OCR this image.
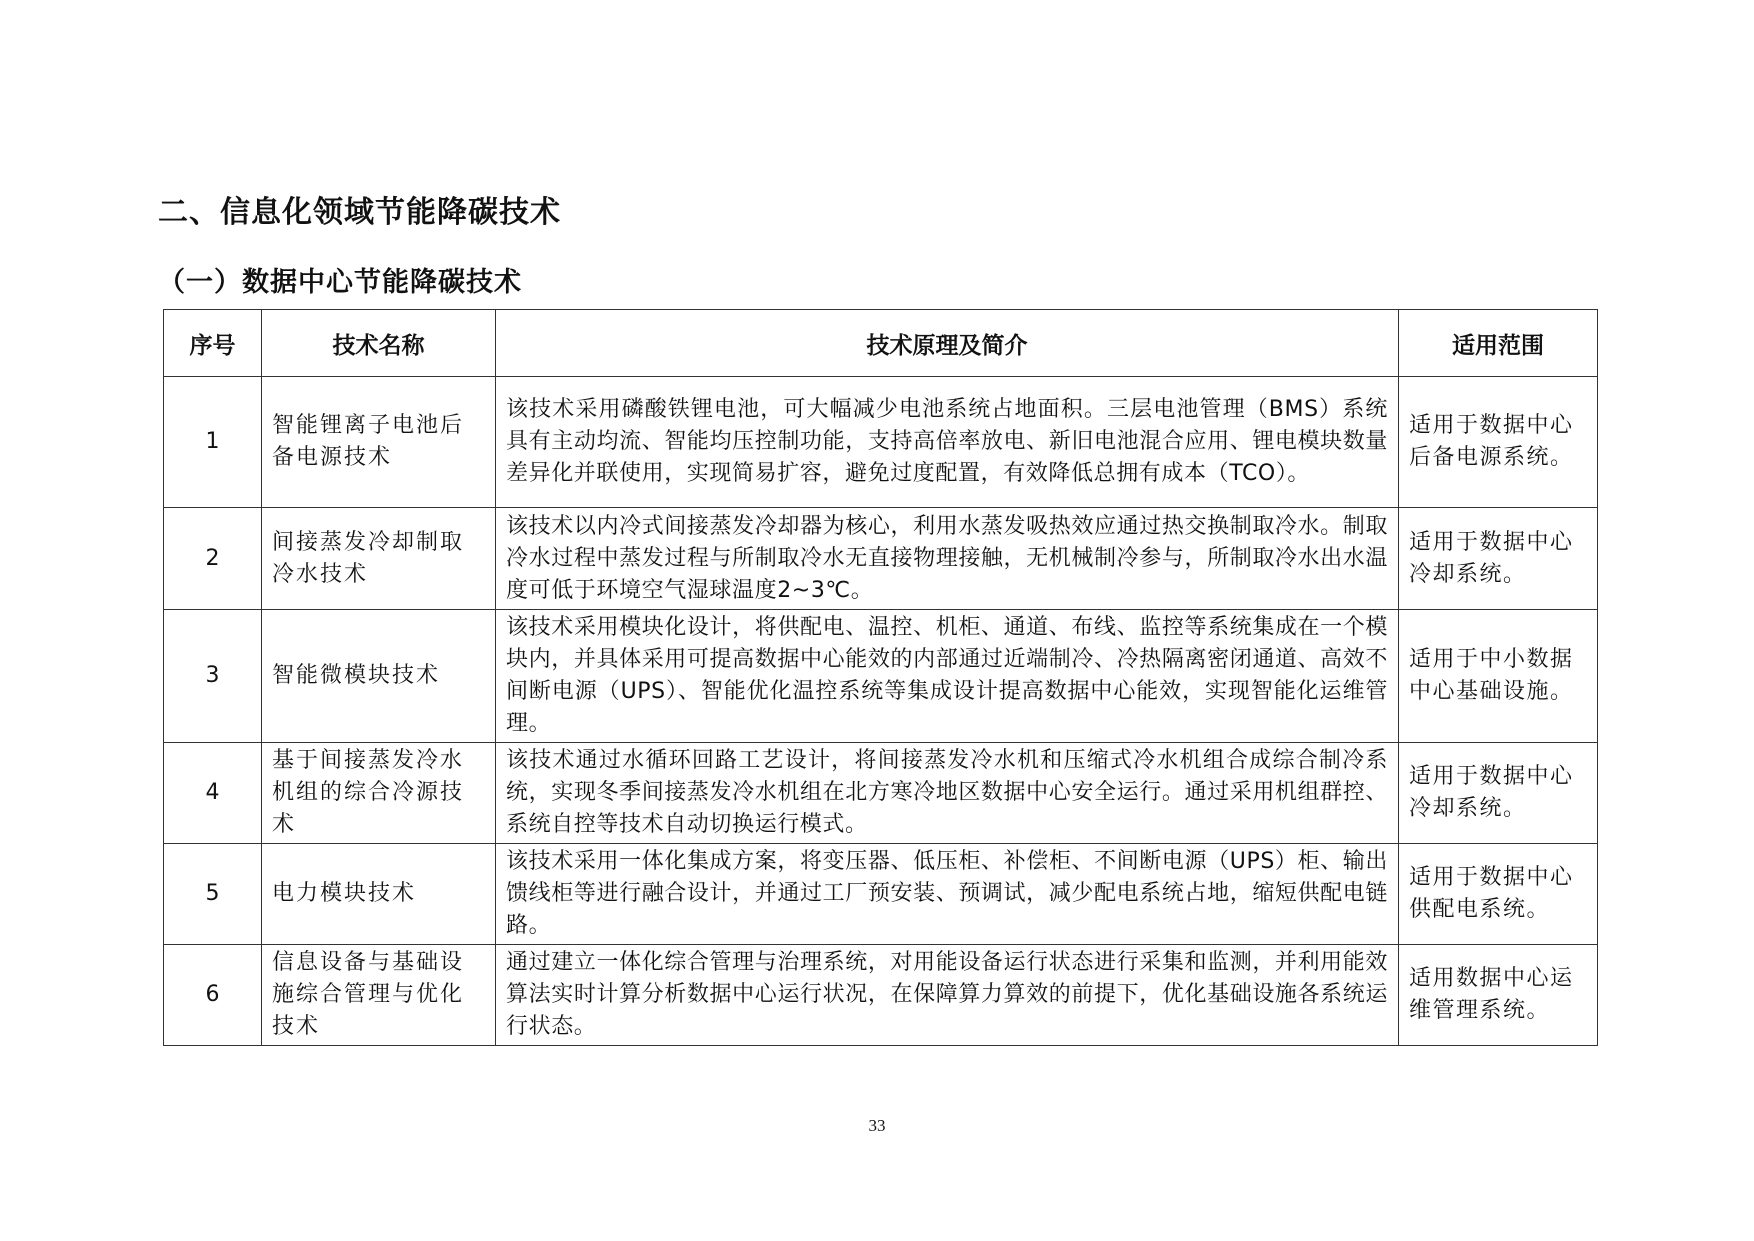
二、信息化领域节能降碳技术
（一）数据中心节能降碳技术
序号	技术名称	技术原理及简介	适用范围
1	智能锂离子电池后备电源技术	该技术采用磷酸铁锂电池，可大幅减少电池系统占地面积。三层电池管理（BMS）系统具有主动均流、智能均压控制功能，支持高倍率放电、新旧电池混合应用、锂电模块数量差异化并联使用，实现简易扩容，避免过度配置，有效降低总拥有成本（TCO）。	适用于数据中心后备电源系统。
2	间接蒸发冷却制取冷水技术	该技术以内冷式间接蒸发冷却器为核心，利用水蒸发吸热效应通过热交换制取冷水。制取冷水过程中蒸发过程与所制取冷水无直接物理接触，无机械制冷参与，所制取冷水出水温度可低于环境空气湿球温度2~3℃。	适用于数据中心冷却系统。
3	智能微模块技术	该技术采用模块化设计，将供配电、温控、机柜、通道、布线、监控等系统集成在一个模块内，并具体采用可提高数据中心能效的内部通过近端制冷、冷热隔离密闭通道、高效不间断电源（UPS）、智能优化温控系统等集成设计提高数据中心能效，实现智能化运维管理。	适用于中小数据中心基础设施。
4	基于间接蒸发冷水机组的综合冷源技术	该技术通过水循环回路工艺设计，将间接蒸发冷水机和压缩式冷水机组合成综合制冷系统，实现冬季间接蒸发冷水机组在北方寒冷地区数据中心安全运行。通过采用机组群控、系统自控等技术自动切换运行模式。	适用于数据中心冷却系统。
5	电力模块技术	该技术采用一体化集成方案，将变压器、低压柜、补偿柜、不间断电源（UPS）柜、输出馈线柜等进行融合设计，并通过工厂预安装、预调试，减少配电系统占地，缩短供配电链路。	适用于数据中心供配电系统。
6	信息设备与基础设施综合管理与优化技术	通过建立一体化综合管理与治理系统，对用能设备运行状态进行采集和监测，并利用能效算法实时计算分析数据中心运行状况，在保障算力算效的前提下，优化基础设施各系统运行状态。	适用数据中心运维管理系统。
33
